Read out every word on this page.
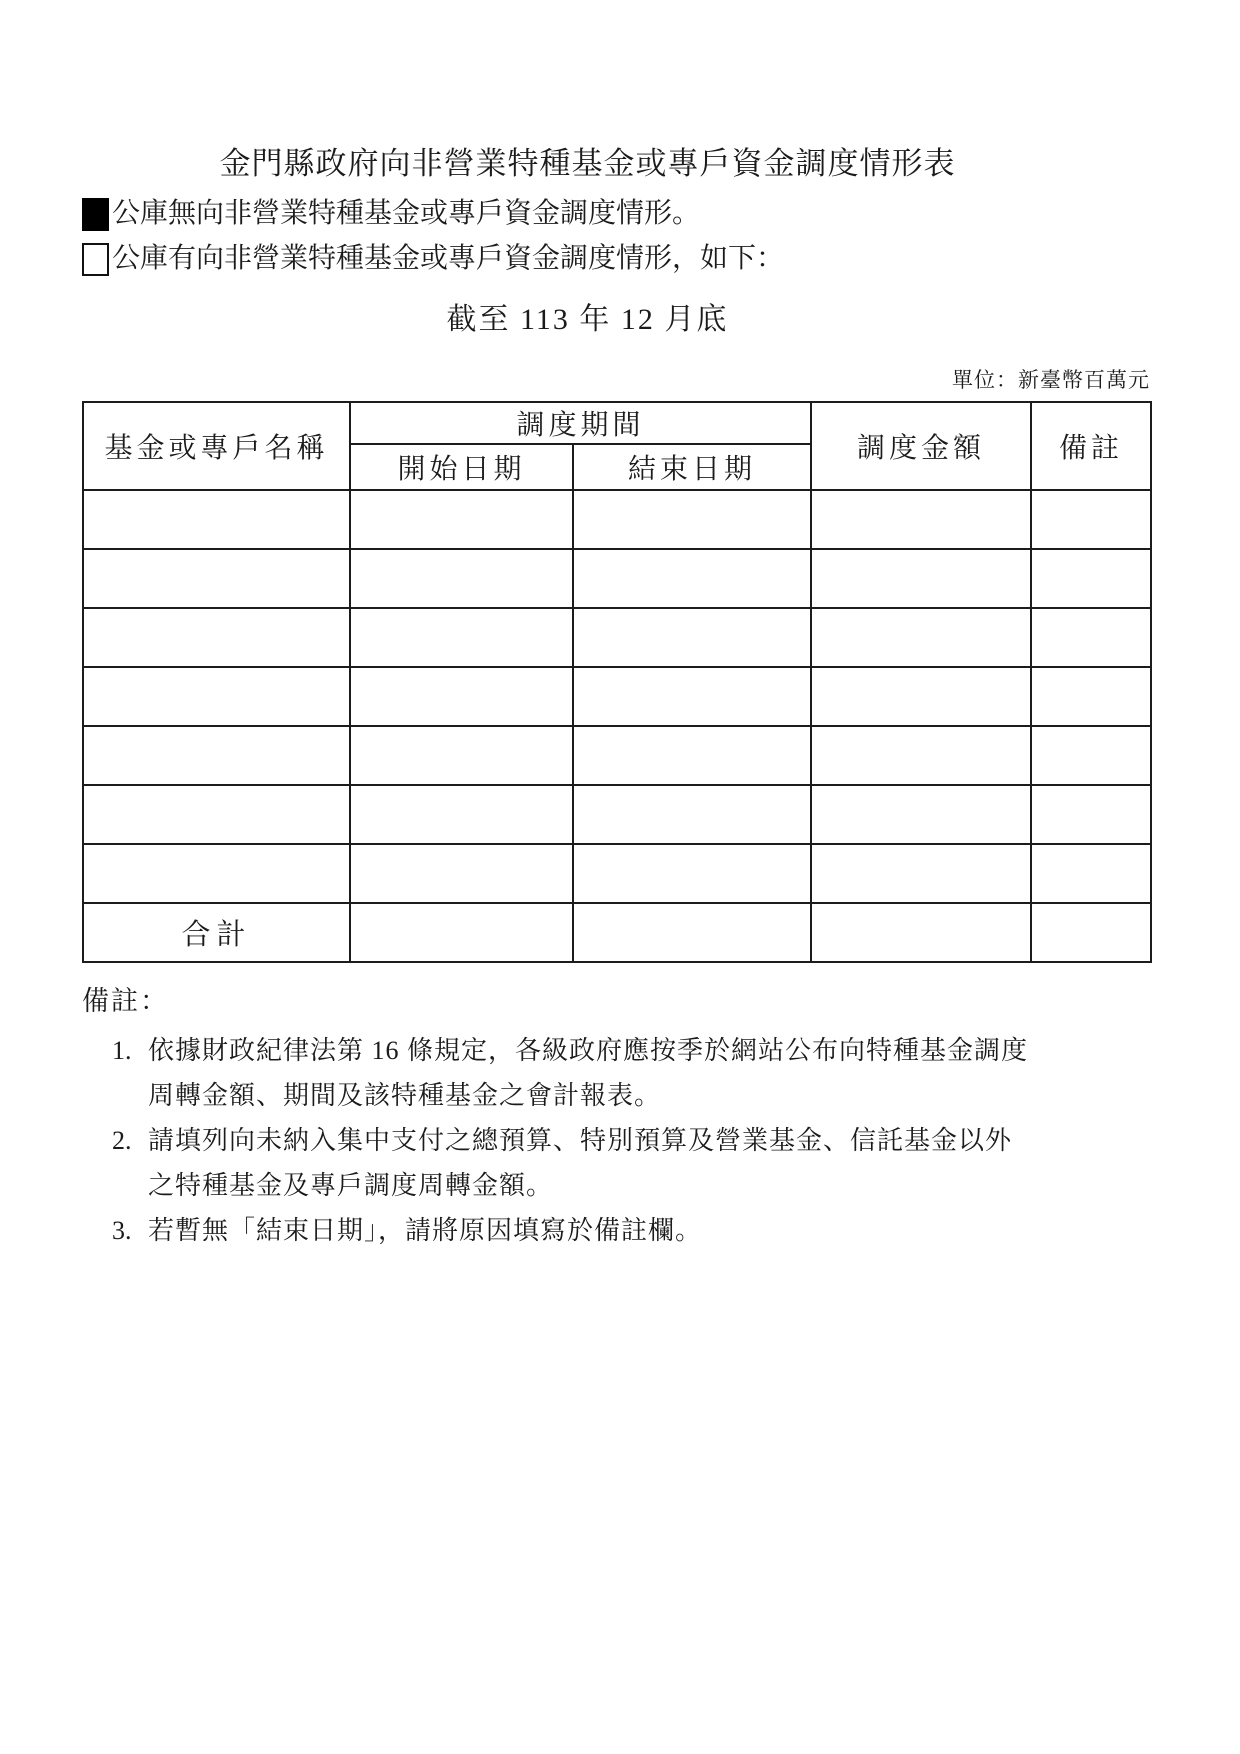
金門縣政府向非營業特種基金或專戶資金調度情形表
公庫無向非營業特種基金或專戶資金調度情形。
公庫有向非營業特種基金或專戶資金調度情形，如下：
截至 113 年 12 月底
單位：新臺幣百萬元
基金或專戶名稱	調度期間		調度金額	備註
	開始日期	結束日期		

合計				
備註：
1. 依據財政紀律法第 16 條規定，各級政府應按季於網站公布向特種基金調度周轉金額、期間及該特種基金之會計報表。
2. 請填列向未納入集中支付之總預算、特別預算及營業基金、信託基金以外之特種基金及專戶調度周轉金額。
3. 若暫無「結束日期」，請將原因填寫於備註欄。
